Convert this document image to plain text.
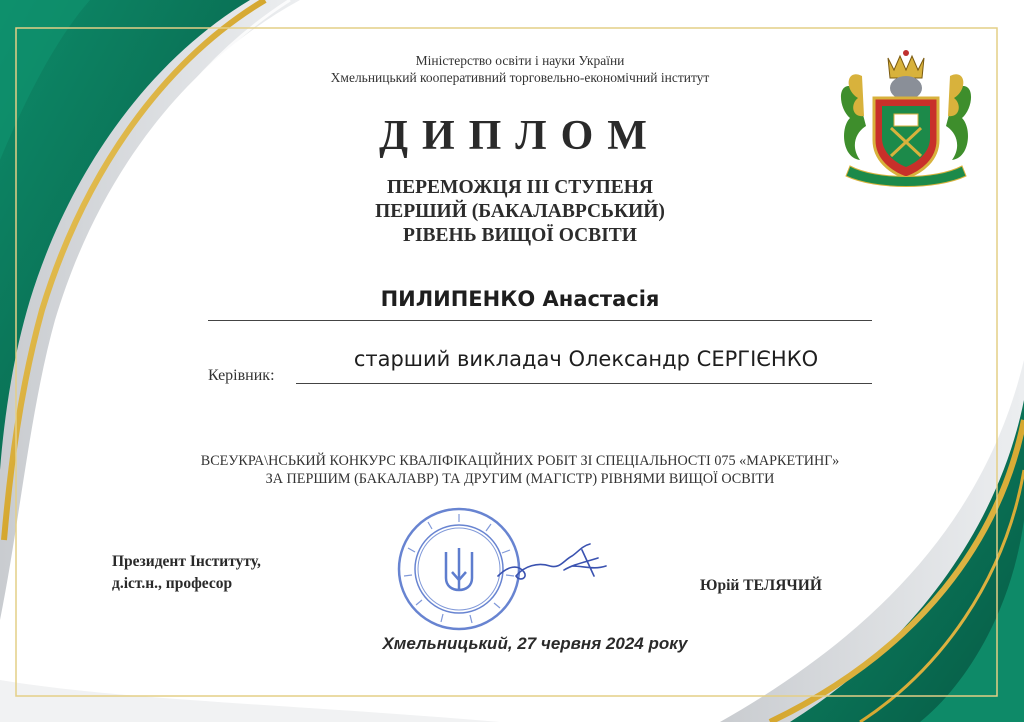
Міністерство освіти і науки України
Хмельницький кооперативний торговельно-економічний інститут
ДИПЛОМ
ПЕРЕМОЖЦЯ ІІІ СТУПЕНЯ
ПЕРШИЙ (БАКАЛАВРСЬКИЙ)
РІВЕНЬ ВИЩОЇ ОСВІТИ
ПИЛИПЕНКО Анастасія
Керівник:
старший викладач Олександр СЕРГІЄНКО
ВСЕУКРА\НСЬКИЙ КОНКУРС КВАЛІФІКАЦІЙНИХ РОБІТ ЗІ СПЕЦІАЛЬНОСТІ 075 «МАРКЕТИНГ»
ЗА ПЕРШИМ (БАКАЛАВР) ТА ДРУГИМ (МАГІСТР) РІВНЯМИ ВИЩОЇ ОСВІТИ
Президент Інституту,
д.іст.н., професор	Юрій ТЕЛЯЧИЙ
Хмельницький, 27 червня 2024 року
